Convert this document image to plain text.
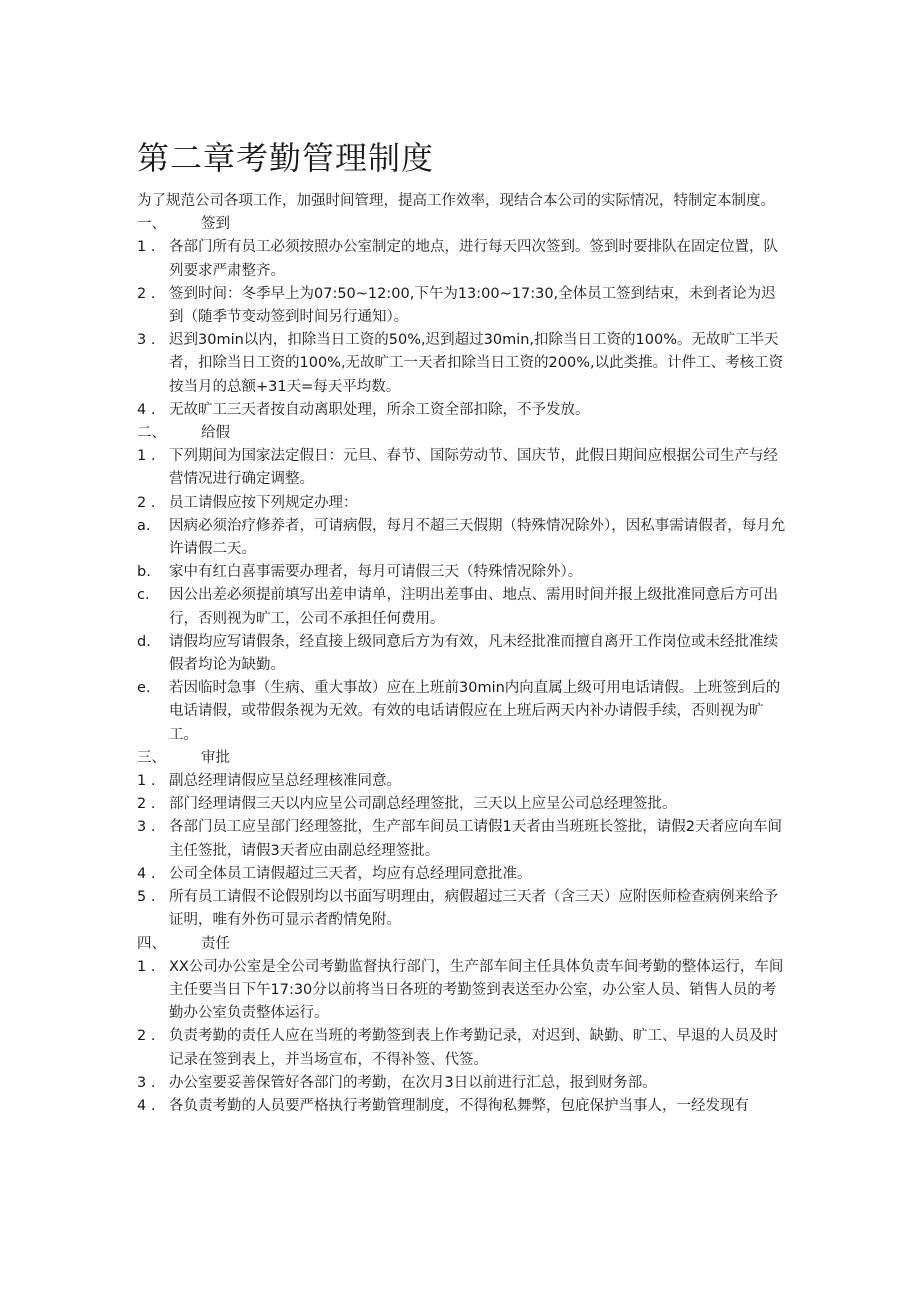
第二章考勤管理制度

为了规范公司各项工作，加强时间管理，提高工作效率，现结合本公司的实际情况，特制定本制度。

一、 签到

1 . 各部门所有员工必须按照办公室制定的地点，进行每天四次签到。签到时要排队在固定位置，队列要求严肃整齐。

2 . 签到时间：冬季早上为07:50~12:00,下午为13:00~17:30,全体员工签到结束，未到者论为迟到（随季节变动签到时间另行通知）。

3 . 迟到30min以内，扣除当日工资的50%,迟到超过30min,扣除当日工资的100%。无故旷工半天者，扣除当日工资的100%,无故旷工一天者扣除当日工资的200%,以此类推。计件工、考核工资按当月的总额+31天=每天平均数。

4 . 无故旷工三天者按自动离职处理，所余工资全部扣除，不予发放。

二、 给假

1 . 下列期间为国家法定假日：元旦、春节、国际劳动节、国庆节，此假日期间应根据公司生产与经营情况进行确定调整。

2 . 员工请假应按下列规定办理：

a. 因病必须治疗修养者，可请病假，每月不超三天假期（特殊情况除外），因私事需请假者，每月允许请假二天。

b. 家中有红白喜事需要办理者，每月可请假三天（特殊情况除外）。

c. 因公出差必须提前填写出差申请单，注明出差事由、地点、需用时间并报上级批准同意后方可出行，否则视为旷工，公司不承担任何费用。

d. 请假均应写请假条，经直接上级同意后方为有效，凡未经批准而擅自离开工作岗位或未经批准续假者均论为缺勤。

e. 若因临时急事（生病、重大事故）应在上班前30min内向直属上级可用电话请假。上班签到后的电话请假，或带假条视为无效。有效的电话请假应在上班后两天内补办请假手续，否则视为旷工。

三、 审批

1 . 副总经理请假应呈总经理核准同意。

2 . 部门经理请假三天以内应呈公司副总经理签批，三天以上应呈公司总经理签批。

3 . 各部门员工应呈部门经理签批，生产部车间员工请假1天者由当班班长签批，请假2天者应向车间主任签批，请假3天者应由副总经理签批。

4 . 公司全体员工请假超过三天者，均应有总经理同意批准。

5 . 所有员工请假不论假别均以书面写明理由，病假超过三天者（含三天）应附医师检查病例来给予证明，唯有外伤可显示者酌情免附。

四、 责任

1 . XX公司办公室是全公司考勤监督执行部门，生产部车间主任具体负责车间考勤的整体运行，车间主任要当日下午17:30分以前将当日各班的考勤签到表送至办公室，办公室人员、销售人员的考勤办公室负责整体运行。

2 . 负责考勤的责任人应在当班的考勤签到表上作考勤记录，对迟到、缺勤、旷工、早退的人员及时记录在签到表上，并当场宣布，不得补签、代签。

3 . 办公室要妥善保管好各部门的考勤，在次月3日以前进行汇总，报到财务部。

4 . 各负责考勤的人员要严格执行考勤管理制度，不得徇私舞弊，包庇保护当事人，一经发现有
